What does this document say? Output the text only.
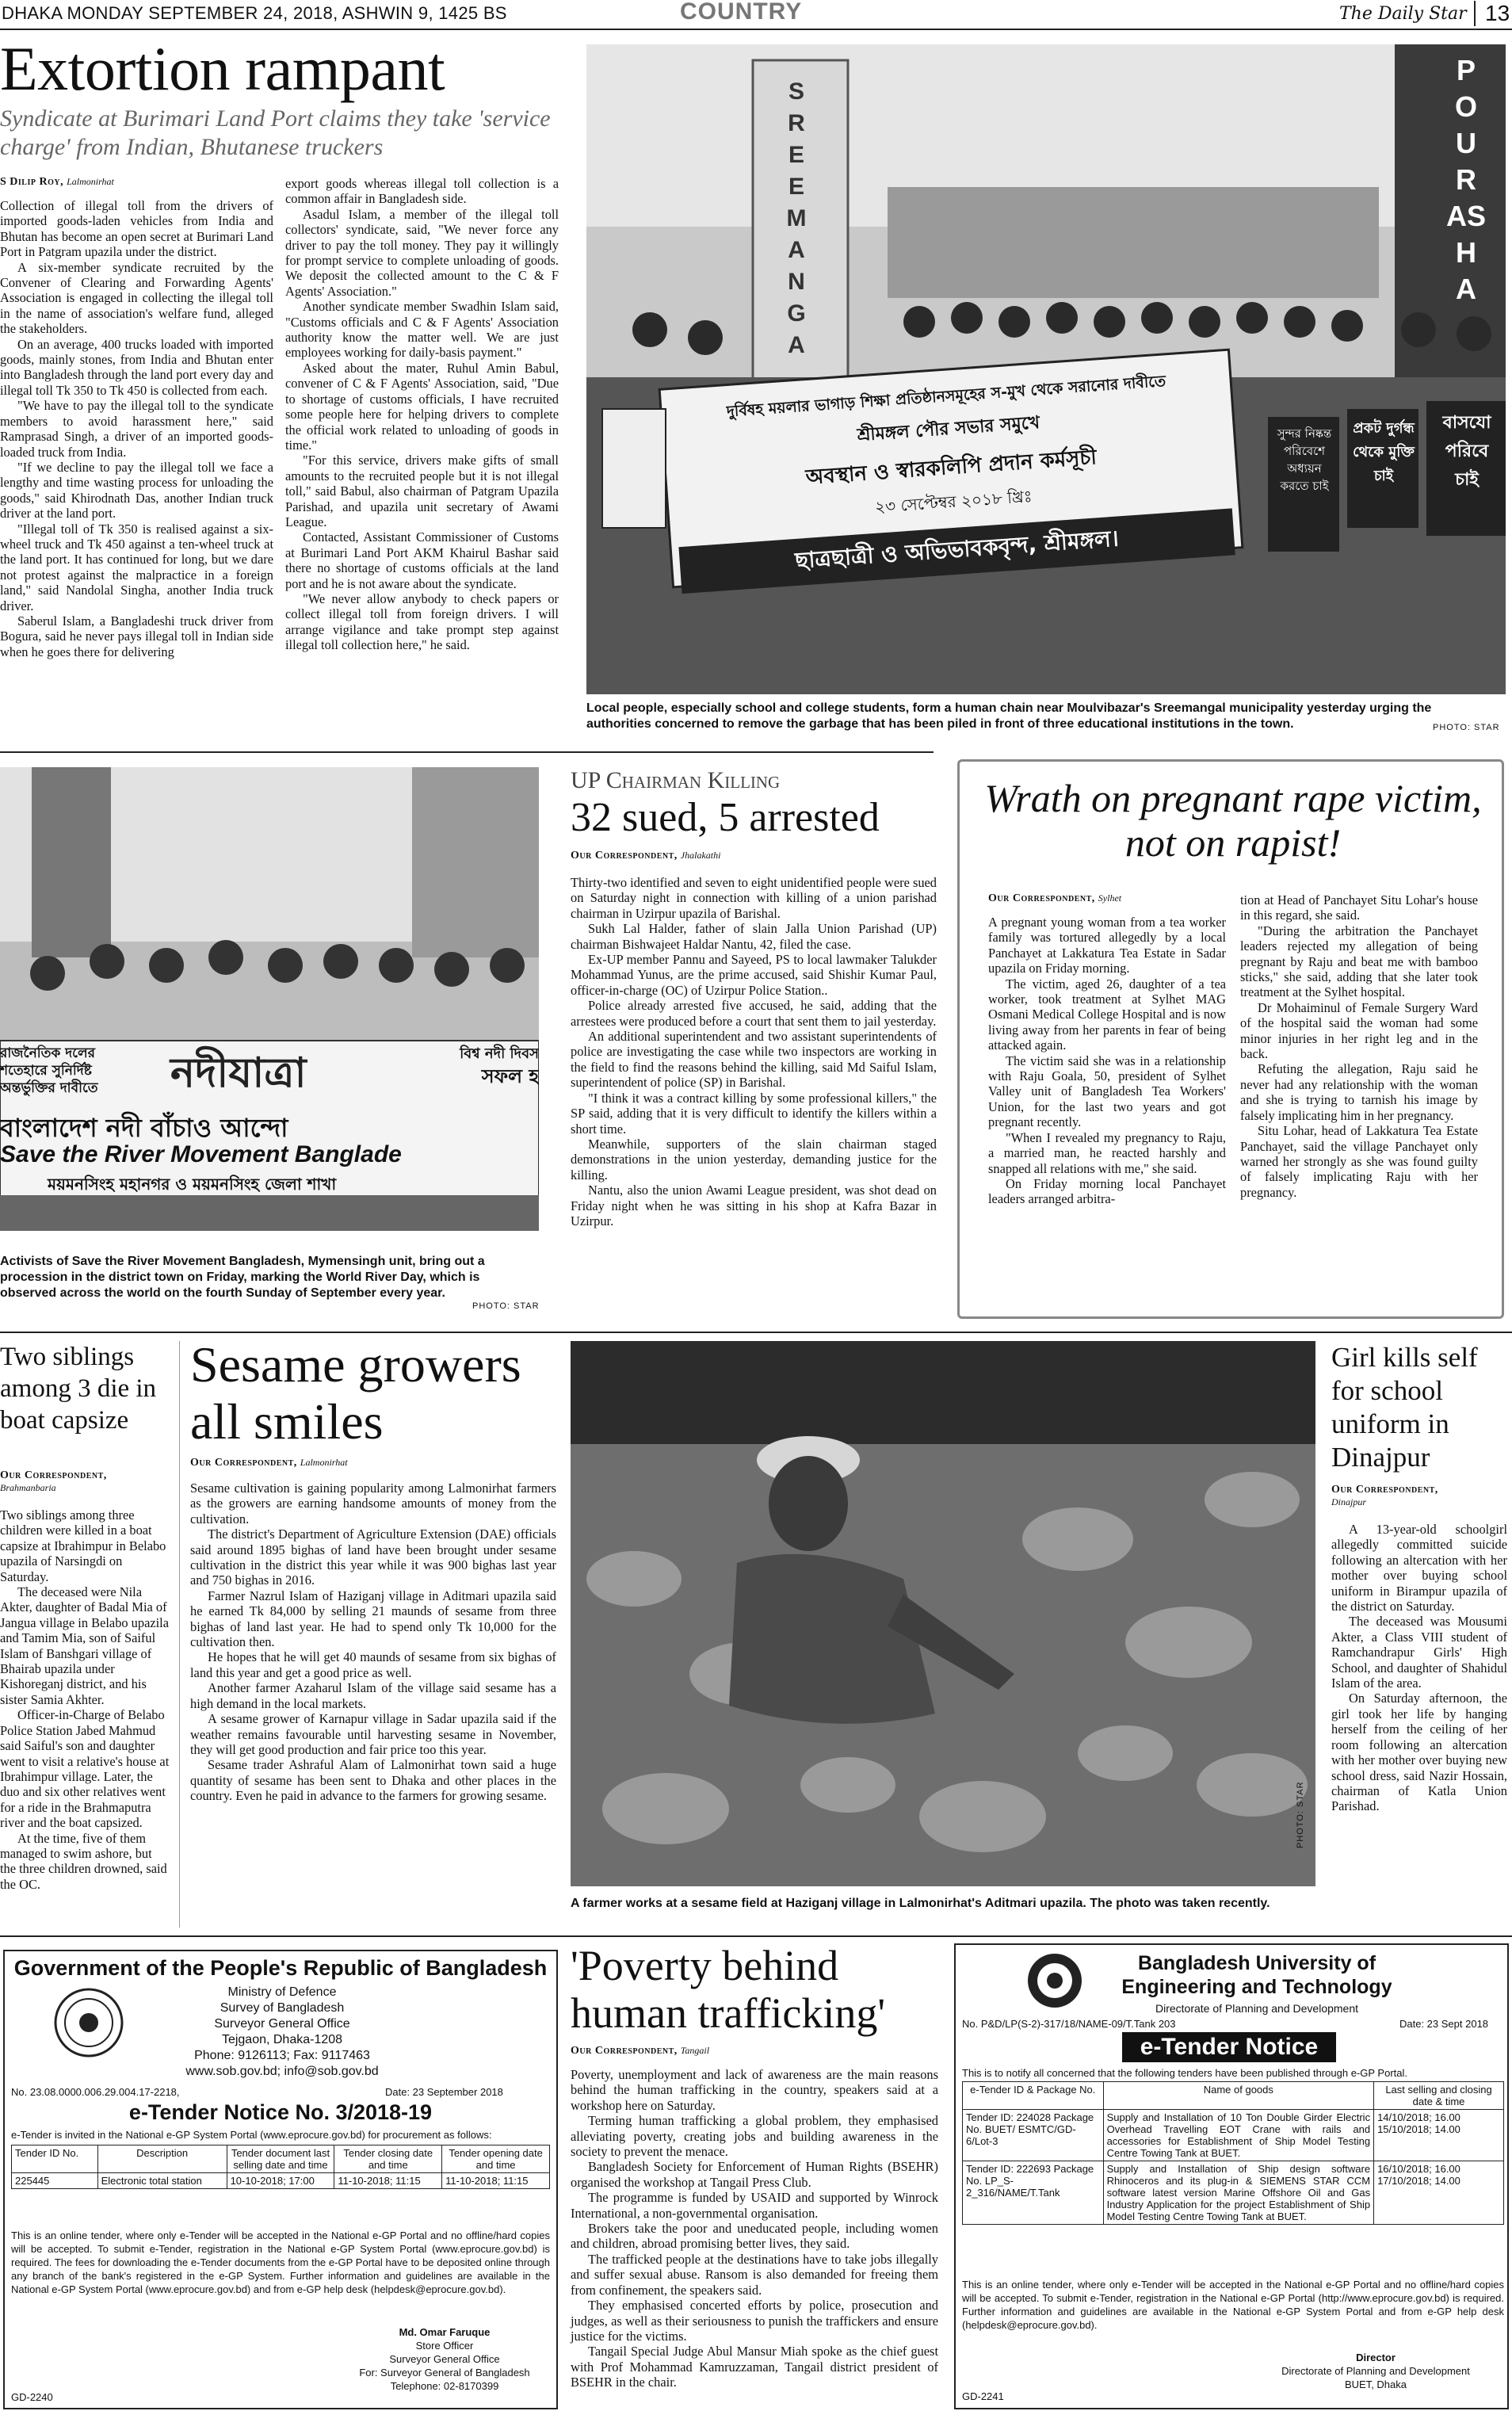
DHAKA MONDAY SEPTEMBER 24, 2018, ASHWIN 9, 1425 BS	COUNTRY	The Daily Star 13
Extortion rampant
Syndicate at Burimari Land Port claims they take 'service charge' from Indian, Bhutanese truckers
S Dilip Roy, Lalmonirhat

Collection of illegal toll from the drivers of imported goods-laden vehicles from India and Bhutan has become an open secret at Burimari Land Port in Patgram upazila under the district.

A six-member syndicate recruited by the Convener of Clearing and Forwarding Agents' Association is engaged in collecting the illegal toll in the name of association's welfare fund, alleged the stakeholders.

On an average, 400 trucks loaded with imported goods, mainly stones, from India and Bhutan enter into Bangladesh through the land port every day and illegal toll Tk 350 to Tk 450 is collected from each.

"We have to pay the illegal toll to the syndicate members to avoid harassment here," said Ramprasad Singh, a driver of an imported goods-loaded truck from India.

"If we decline to pay the illegal toll we face a lengthy and time wasting process for unloading the goods," said Khirodnath Das, another Indian truck driver at the land port.

"Illegal toll of Tk 350 is realised against a six-wheel truck and Tk 450 against a ten-wheel truck at the land port. It has continued for long, but we dare not protest against the malpractice in a foreign land," said Nandolal Singha, another India truck driver.

Saberul Islam, a Bangladeshi truck driver from Bogura, said he never pays illegal toll in Indian side when he goes there for delivering

export goods whereas illegal toll collection is a common affair in Bangladesh side.

Asadul Islam, a member of the illegal toll collectors' syndicate, said, "We never force any driver to pay the toll money. They pay it willingly for prompt service to complete unloading of goods. We deposit the collected amount to the C & F Agents' Association."

Another syndicate member Swadhin Islam said, "Customs officials and C & F Agents' Association authority know the matter well. We are just employees working for daily-basis payment."

Asked about the mater, Ruhul Amin Babul, convener of C & F Agents' Association, said, "Due to shortage of customs officials, I have recruited some people here for helping drivers to complete the official work related to unloading of goods in time."

"For this service, drivers make gifts of small amounts to the recruited people but it is not illegal toll," said Babul, also chairman of Patgram Upazila Parishad, and upazila unit secretary of Awami League.

Contacted, Assistant Commissioner of Customs at Burimari Land Port AKM Khairul Bashar said there no shortage of customs officials at the land port and he is not aware about the syndicate.

"We never allow anybody to check papers or collect illegal toll from foreign drivers. I will arrange vigilance and take prompt step against illegal toll collection here," he said.

SREEMANGA
POURASHA
দুর্বিষহ ময়লার ভাগাড় শিক্ষা প্রতিষ্ঠানসমূহের স-মুখ থেকে সরানোর দাবীতে
শ্রীমঙ্গল পৌর সভার সমুখে
অবস্থান ও স্বারকলিপি প্রদান কর্মসূচী
২৩ সেপ্টেম্বর ২০১৮ খ্রিঃ
ছাত্রছাত্রী ও অভিভাবকবৃন্দ, শ্রীমঙ্গল।
সুন্দর নিষ্কন্ত পরিবেশে অধ্যয়ন করতে চাই
প্রকট দুর্গন্ধ থেকে মুক্তি চাই
বাসযো পরিবে চাই
Local people, especially school and college students, form a human chain near Moulvibazar's Sreemangal municipality yesterday urging the authorities concerned to remove the garbage that has been piled in front of three educational institutions in the town.	PHOTO: STAR
রাজনৈতিক দলের
শতেহারে সুনির্দিষ্ট
অন্তর্ভুক্তির দাবীতে	নদীযাত্রা	বিশ্ব নদী দিবস
সফল হ
বাংলাদেশ নদী বাঁচাও আন্দো
Save the River Movement Banglade
ময়মনসিংহ মহানগর ও ময়মনসিংহ জেলা শাখা
Activists of Save the River Movement Bangladesh, Mymensingh unit, bring out a procession in the district town on Friday, marking the World River Day, which is observed across the world on the fourth Sunday of September every year.
PHOTO: STAR
UP Chairman Killing
32 sued, 5 arrested
Our Correspondent, Jhalakathi

Thirty-two identified and seven to eight unidentified people were sued on Saturday night in connection with killing of a union parishad chairman in Uzirpur upazila of Barishal.

Sukh Lal Halder, father of slain Jalla Union Parishad (UP) chairman Bishwajeet Haldar Nantu, 42, filed the case.

Ex-UP member Pannu and Sayeed, PS to local lawmaker Talukder Mohammad Yunus, are the prime accused, said Shishir Kumar Paul, officer-in-charge (OC) of Uzirpur Police Station..

Police already arrested five accused, he said, adding that the arrestees were produced before a court that sent them to jail yesterday.

An additional superintendent and two assistant superintendents of police are investigating the case while two inspectors are working in the field to find the reasons behind the killing, said Md Saiful Islam, superintendent of police (SP) in Barishal.

"I think it was a contract killing by some professional killers," the SP said, adding that it is very difficult to identify the killers within a short time.

Meanwhile, supporters of the slain chairman staged demonstrations in the union yesterday, demanding justice for the killing.

Nantu, also the union Awami League president, was shot dead on Friday night when he was sitting in his shop at Kafra Bazar in Uzirpur.

Wrath on pregnant rape victim, not on rapist!
Our Correspondent, Sylhet

A pregnant young woman from a tea worker family was tortured allegedly by a local Panchayet at Lakkatura Tea Estate in Sadar upazila on Friday morning.

The victim, aged 26, daughter of a tea worker, took treatment at Sylhet MAG Osmani Medical College Hospital and is now living away from her parents in fear of being attacked again.

The victim said she was in a relationship with Raju Goala, 50, president of Sylhet Valley unit of Bangladesh Tea Workers' Union, for the last two years and got pregnant recently.

"When I revealed my pregnancy to Raju, a married man, he reacted harshly and snapped all relations with me," she said.

On Friday morning local Panchayet leaders arranged arbitra-

tion at Head of Panchayet Situ Lohar's house in this regard, she said.

"During the arbitration the Panchayet leaders rejected my allegation of being pregnant by Raju and beat me with bamboo sticks," she said, adding that she later took treatment at the Sylhet hospital.

Dr Mohaiminul of Female Surgery Ward of the hospital said the woman had some minor injuries in her right leg and in the back.

Refuting the allegation, Raju said he never had any relationship with the woman and she is trying to tarnish his image by falsely implicating him in her pregnancy.

Situ Lohar, head of Lakkatura Tea Estate Panchayet, said the village Panchayet only warned her strongly as she was found guilty of falsely implicating Raju with her pregnancy.

Two siblings among 3 die in boat capsize
Our Correspondent,
Brahmanbaria

Two siblings among three children were killed in a boat capsize at Ibrahimpur in Belabo upazila of Narsingdi on Saturday.

The deceased were Nila Akter, daughter of Badal Mia of Jangua village in Belabo upazila and Tamim Mia, son of Saiful Islam of Banshgari village of Bhairab upazila under Kishoreganj district, and his sister Samia Akhter.

Officer-in-Charge of Belabo Police Station Jabed Mahmud said Saiful's son and daughter went to visit a relative's house at Ibrahimpur village. Later, the duo and six other relatives went for a ride in the Brahmaputra river and the boat capsized.

At the time, five of them managed to swim ashore, but the three children drowned, said the OC.

Sesame growers all smiles
Our Correspondent, Lalmonirhat

Sesame cultivation is gaining popularity among Lalmonirhat farmers as the growers are earning handsome amounts of money from the cultivation.

The district's Department of Agriculture Extension (DAE) officials said around 1895 bighas of land have been brought under sesame cultivation in the district this year while it was 900 bighas last year and 750 bighas in 2016.

Farmer Nazrul Islam of Haziganj village in Aditmari upazila said he earned Tk 84,000 by selling 21 maunds of sesame from three bighas of land last year. He had to spend only Tk 10,000 for the cultivation then.

He hopes that he will get 40 maunds of sesame from six bighas of land this year and get a good price as well.

Another farmer Azaharul Islam of the village said sesame has a high demand in the local markets.

A sesame grower of Karnapur village in Sadar upazila said if the weather remains favourable until harvesting sesame in November, they will get good production and fair price too this year.

Sesame trader Ashraful Alam of Lalmonirhat town said a huge quantity of sesame has been sent to Dhaka and other places in the country. Even he paid in advance to the farmers for growing sesame.	PHOTO: STAR
A farmer works at a sesame field at Haziganj village in Lalmonirhat's Aditmari upazila. The photo was taken recently.
Girl kills self for school uniform in Dinajpur
Our Correspondent,
Dinajpur

A 13-year-old schoolgirl allegedly committed suicide following an altercation with her mother over buying school uniform in Birampur upazila of the district on Saturday.

The deceased was Mousumi Akter, a Class VIII student of Ramchandrapur Girls' High School, and daughter of Shahidul Islam of the area.

On Saturday afternoon, the girl took her life by hanging herself from the ceiling of her room following an altercation with her mother over buying new school dress, said Nazir Hossain, chairman of Katla Union Parishad.

Government of the People's Republic of Bangladesh
Ministry of Defence
Survey of Bangladesh
Surveyor General Office
Tejgaon, Dhaka-1208
Phone: 9126113; Fax: 9117463
www.sob.gov.bd; info@sob.gov.bd
No. 23.08.0000.006.29.004.17-2218,	Date: 23 September 2018
e-Tender Notice No. 3/2018-19
e-Tender is invited in the National e-GP System Portal (www.eprocure.gov.bd) for procurement as follows:
Tender ID No.	Description	Tender document last selling date and time	Tender closing date and time	Tender opening date and time
225445	Electronic total station	10-10-2018; 17:00	11-10-2018; 11:15	11-10-2018; 11:15
This is an online tender, where only e-Tender will be accepted in the National e-GP Portal and no offline/hard copies will be accepted. To submit e-Tender, registration in the National e-GP System Portal (www.eprocure.gov.bd) is required. The fees for downloading the e-Tender documents from the e-GP Portal have to be deposited online through any branch of the bank's registered in the e-GP System. Further information and guidelines are available in the National e-GP System Portal (www.eprocure.gov.bd) and from e-GP help desk (helpdesk@eprocure.gov.bd).
Md. Omar Faruque
Store Officer
Surveyor General Office
For: Surveyor General of Bangladesh
Telephone: 02-8170399
GD-2240
'Poverty behind human trafficking'
Our Correspondent, Tangail

Poverty, unemployment and lack of awareness are the main reasons behind the human trafficking in the country, speakers said at a workshop here on Saturday.

Terming human trafficking a global problem, they emphasised alleviating poverty, creating jobs and building awareness in the society to prevent the menace.

Bangladesh Society for Enforcement of Human Rights (BSEHR) organised the workshop at Tangail Press Club.

The programme is funded by USAID and supported by Winrock International, a non-governmental organisation.

Brokers take the poor and uneducated people, including women and children, abroad promising better lives, they said.

The trafficked people at the destinations have to take jobs illegally and suffer sexual abuse. Ransom is also demanded for freeing them from confinement, the speakers said.

They emphasised concerted efforts by police, prosecution and judges, as well as their seriousness to punish the traffickers and ensure justice for the victims.

Tangail Special Judge Abul Mansur Miah spoke as the chief guest with Prof Mohammad Kamruzzaman, Tangail district president of BSEHR in the chair.

Bangladesh University of
Engineering and Technology
Directorate of Planning and Development
No. P&D/LP(S-2)-317/18/NAME-09/T.Tank 203	Date: 23 Sept 2018
e-Tender Notice
This is to notify all concerned that the following tenders have been published through e-GP Portal.
e-Tender ID & Package No.	Name of goods	Last selling and closing date & time
Tender ID: 224028 Package No. BUET/ ESMTC/GD-6/Lot-3	Supply and Installation of 10 Ton Double Girder Electric Overhead Travelling EOT Crane with rails and accessories for Establishment of Ship Model Testing Centre Towing Tank at BUET.	14/10/2018; 16.00 15/10/2018; 14.00
Tender ID: 222693 Package No. LP_S-2_316/NAME/T.Tank	Supply and Installation of Ship design software Rhinoceros and its plug-in & SIEMENS STAR CCM software latest version Marine Offshore Oil and Gas Industry Application for the project Establishment of Ship Model Testing Centre Towing Tank at BUET.	16/10/2018; 16.00 17/10/2018; 14.00
This is an online tender, where only e-Tender will be accepted in the National e-GP Portal and no offline/hard copies will be accepted. To submit e-Tender, registration in the National e-GP Portal (http://www.eprocure.gov.bd) is required. Further information and guidelines are available in the National e-GP System Portal and from e-GP help desk (helpdesk@eprocure.gov.bd).
Director
Directorate of Planning and Development
BUET, Dhaka
GD-2241
